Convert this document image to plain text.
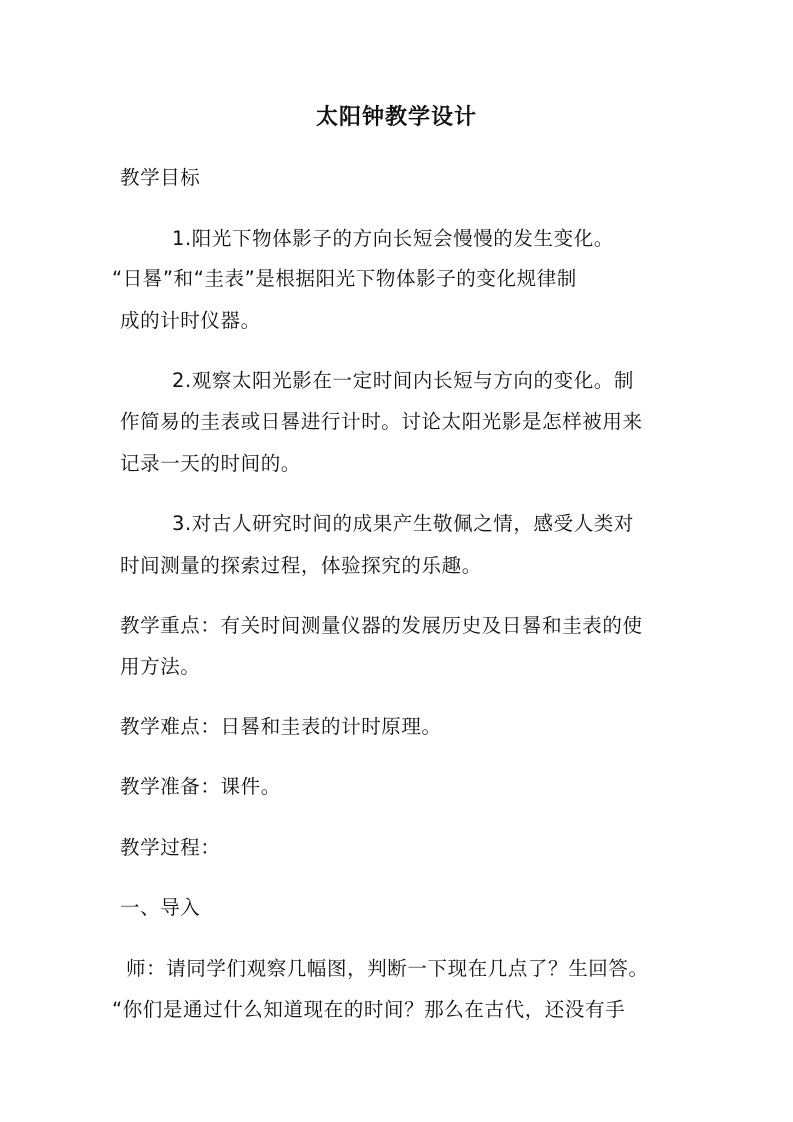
太阳钟教学设计
教学目标
1.阳光下物体影子的方向长短会慢慢的发生变化。
“日晷”和“圭表”是根据阳光下物体影子的变化规律制
成的计时仪器。
2.观察太阳光影在一定时间内长短与方向的变化。制
作简易的圭表或日晷进行计时。讨论太阳光影是怎样被用来
记录一天的时间的。
3.对古人研究时间的成果产生敬佩之情，感受人类对
时间测量的探索过程，体验探究的乐趣。
教学重点：有关时间测量仪器的发展历史及日晷和圭表的使
用方法。
教学难点：日晷和圭表的计时原理。
教学准备：课件。
教学过程：
一、导入
师：请同学们观察几幅图，判断一下现在几点了？生回答。
“你们是通过什么知道现在的时间？那么在古代，还没有手
